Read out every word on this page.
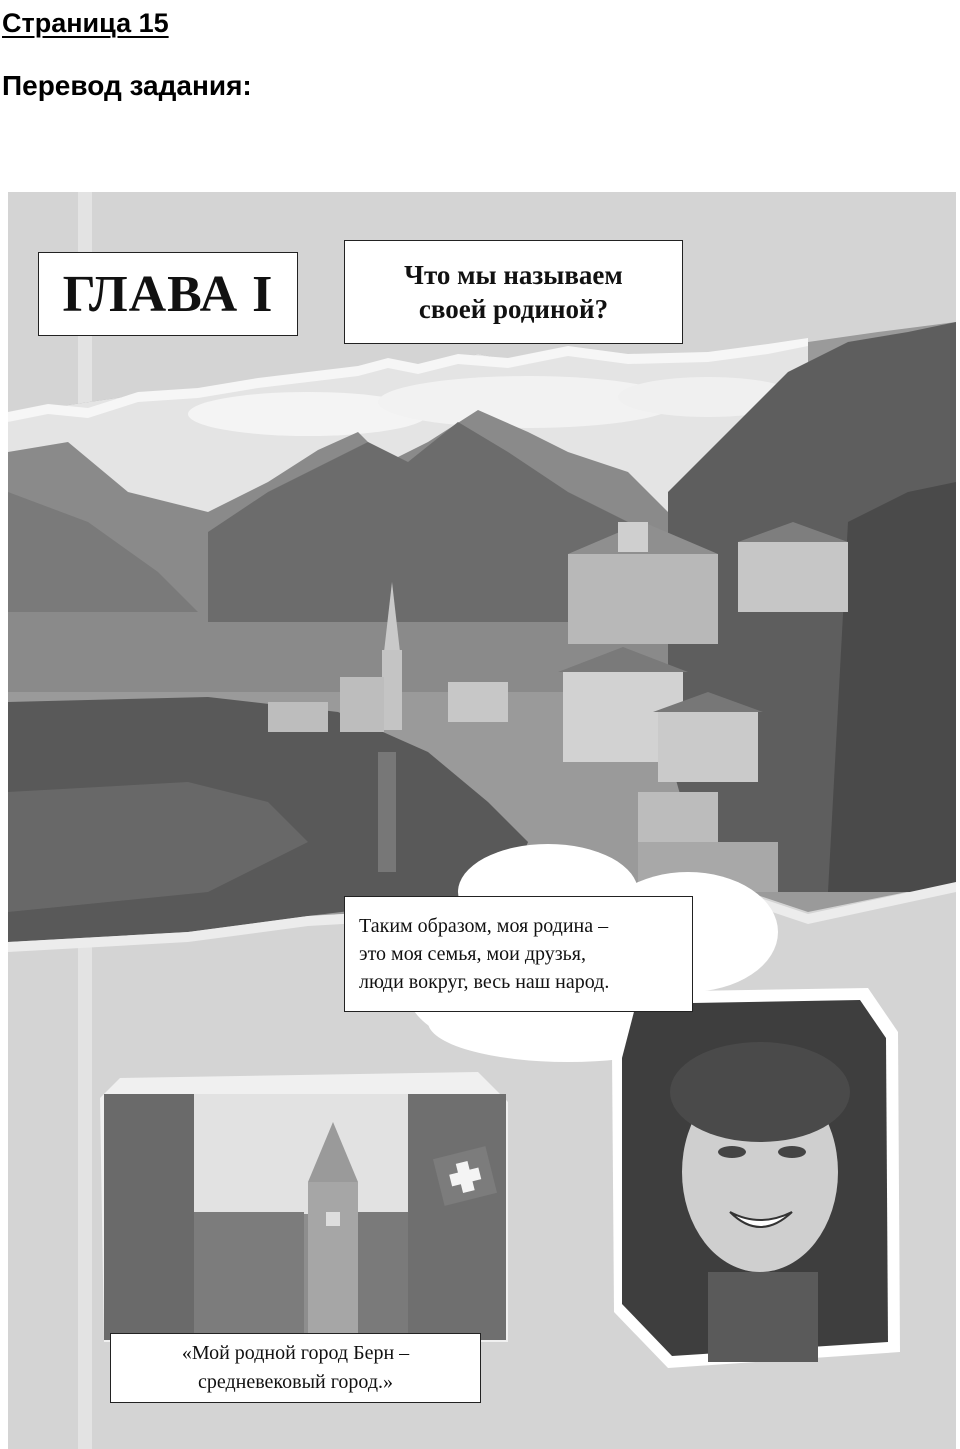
Страница 15
Перевод задания:
ГЛАВА I	Что мы называем
своей родиной?
Таким образом, моя родина –
это моя семья, мои друзья,
люди вокруг, весь наш народ.
«Мой родной город Берн –
средневековый город.»
